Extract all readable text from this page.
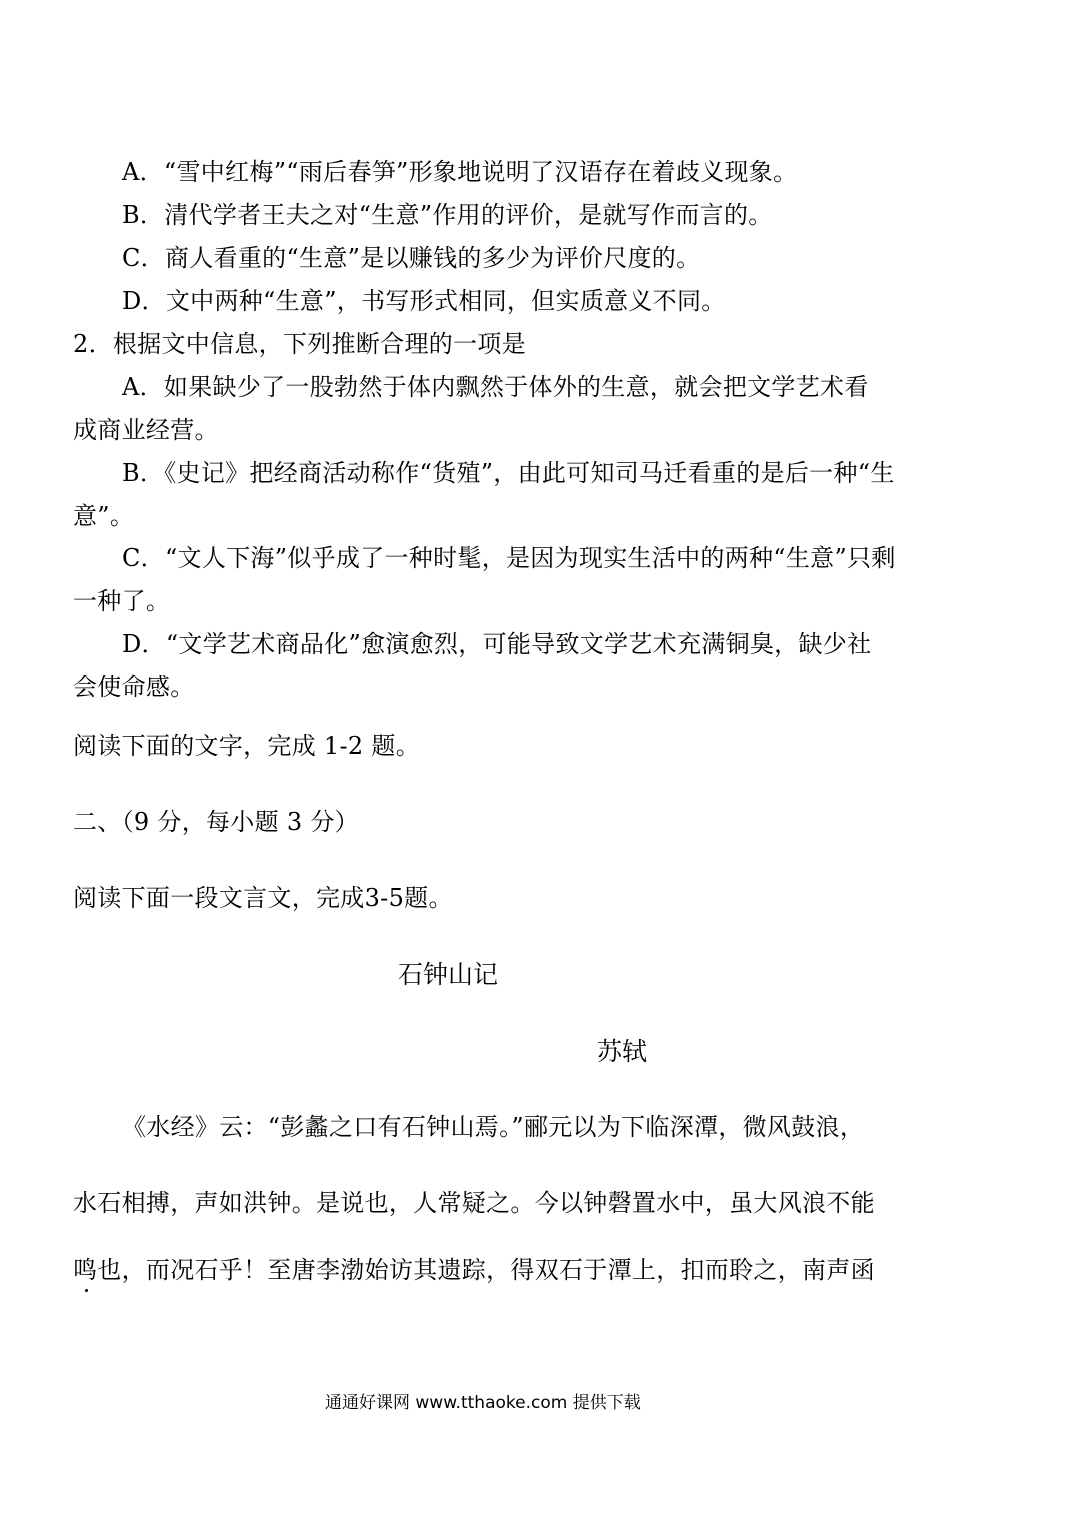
A．“雪中红梅”“雨后春笋”形象地说明了汉语存在着歧义现象。
B．清代学者王夫之对“生意”作用的评价，是就写作而言的。
C．商人看重的“生意”是以赚钱的多少为评价尺度的。
D．文中两种“生意”，书写形式相同，但实质意义不同。
2．根据文中信息，下列推断合理的一项是
A．如果缺少了一股勃然于体内飘然于体外的生意，就会把文学艺术看
成商业经营。
B．《史记》把经商活动称作“货殖”，由此可知司马迁看重的是后一种“生
意”。
C．“文人下海”似乎成了一种时髦，是因为现实生活中的两种“生意”只剩
一种了。
D．“文学艺术商品化”愈演愈烈，可能导致文学艺术充满铜臭，缺少社
会使命感。
阅读下面的文字，完成 1-2 题。
二、（9 分，每小题 3 分）
阅读下面一段文言文，完成3-5题。
石钟山记
苏轼
《水经》云：“彭蠡之口有石钟山焉。”郦元以为下临深潭，微风鼓浪，
水石相搏，声如洪钟。是说也，人常疑之。今以钟磬置水中，虽大风浪不能
鸣也，而况石乎！至唐李渤始访其遗踪，得双石于潭上，扣而聆之，南声函
通通好课网 www.tthaoke.com 提供下载
